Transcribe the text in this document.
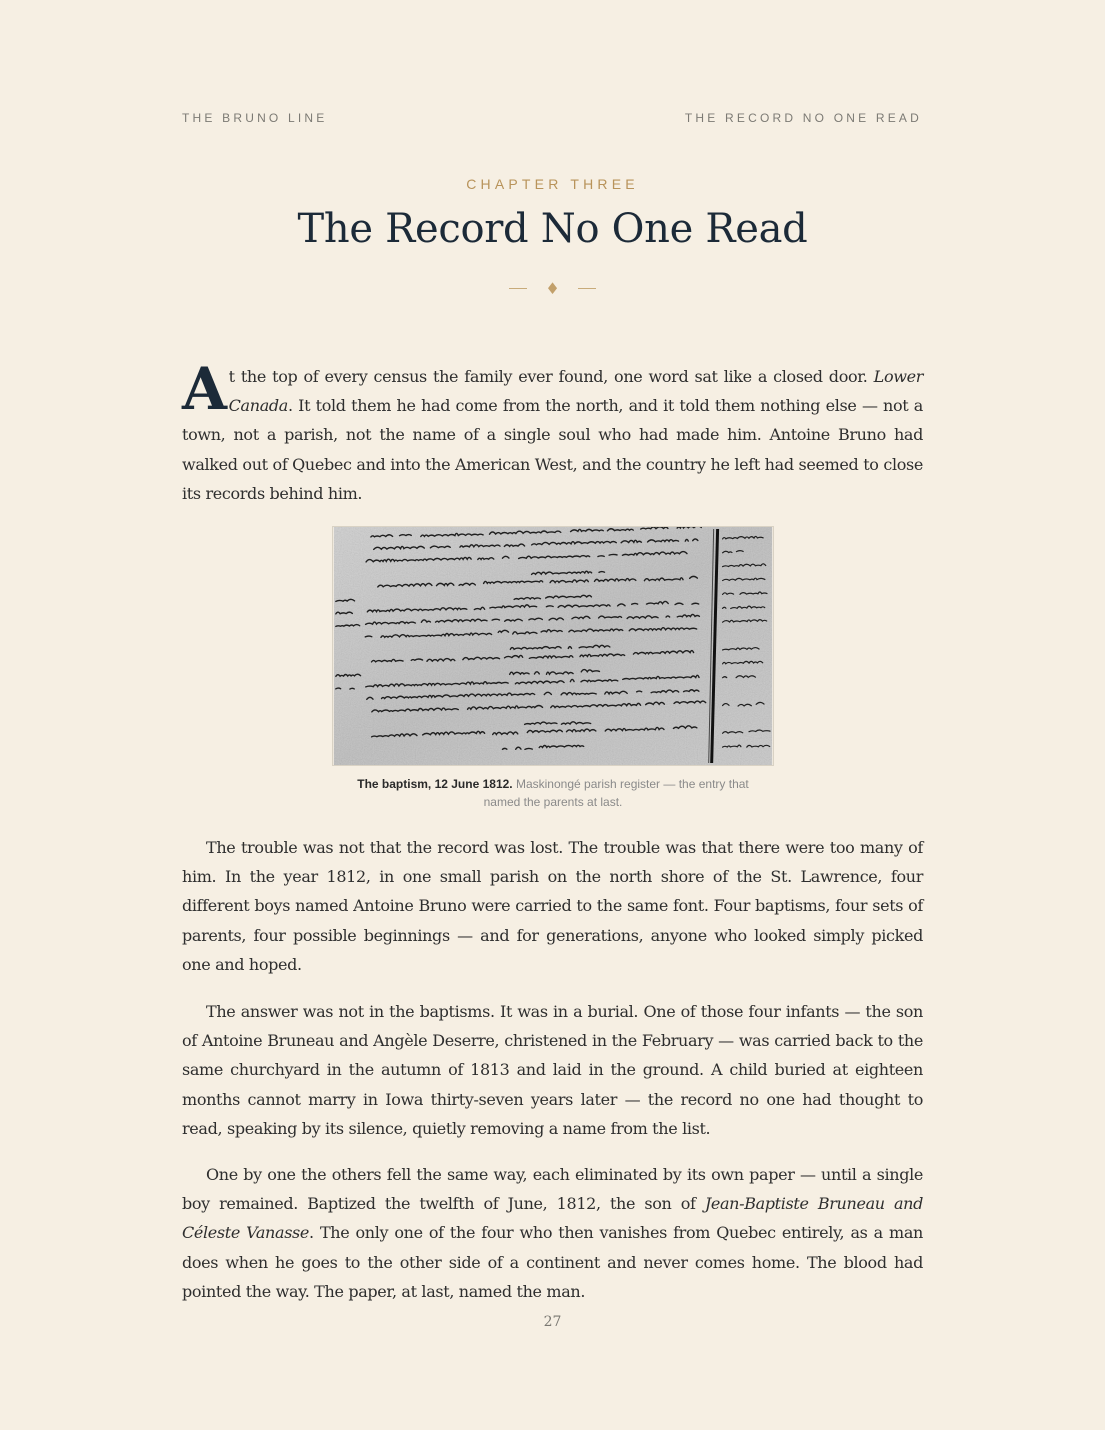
THE BRUNO LINE	THE RECORD NO ONE READ
CHAPTER THREE
The Record No One Read
♦

At the top of every census the family ever found, one word sat like a closed door. Lower Canada. It told them he had come from the north, and it told them nothing else — not a town, not a parish, not the name of a single soul who had made him. Antoine Bruno had walked out of Quebec and into the American West, and the country he left had seemed to close its records behind him.

The baptism, 12 June 1812. Maskinongé parish register — the entry that named the parents at last.

The trouble was not that the record was lost. The trouble was that there were too many of him. In the year 1812, in one small parish on the north shore of the St. Lawrence, four different boys named Antoine Bruno were carried to the same font. Four baptisms, four sets of parents, four possible beginnings — and for generations, anyone who looked simply picked one and hoped.

The answer was not in the baptisms. It was in a burial. One of those four infants — the son of Antoine Bruneau and Angèle Deserre, christened in the February — was carried back to the same churchyard in the autumn of 1813 and laid in the ground. A child buried at eighteen months cannot marry in Iowa thirty-seven years later — the record no one had thought to read, speaking by its silence, quietly removing a name from the list.

One by one the others fell the same way, each eliminated by its own paper — until a single boy remained. Baptized the twelfth of June, 1812, the son of Jean-Baptiste Bruneau and Céleste Vanasse. The only one of the four who then vanishes from Quebec entirely, as a man does when he goes to the other side of a continent and never comes home. The blood had pointed the way. The paper, at last, named the man.

27
